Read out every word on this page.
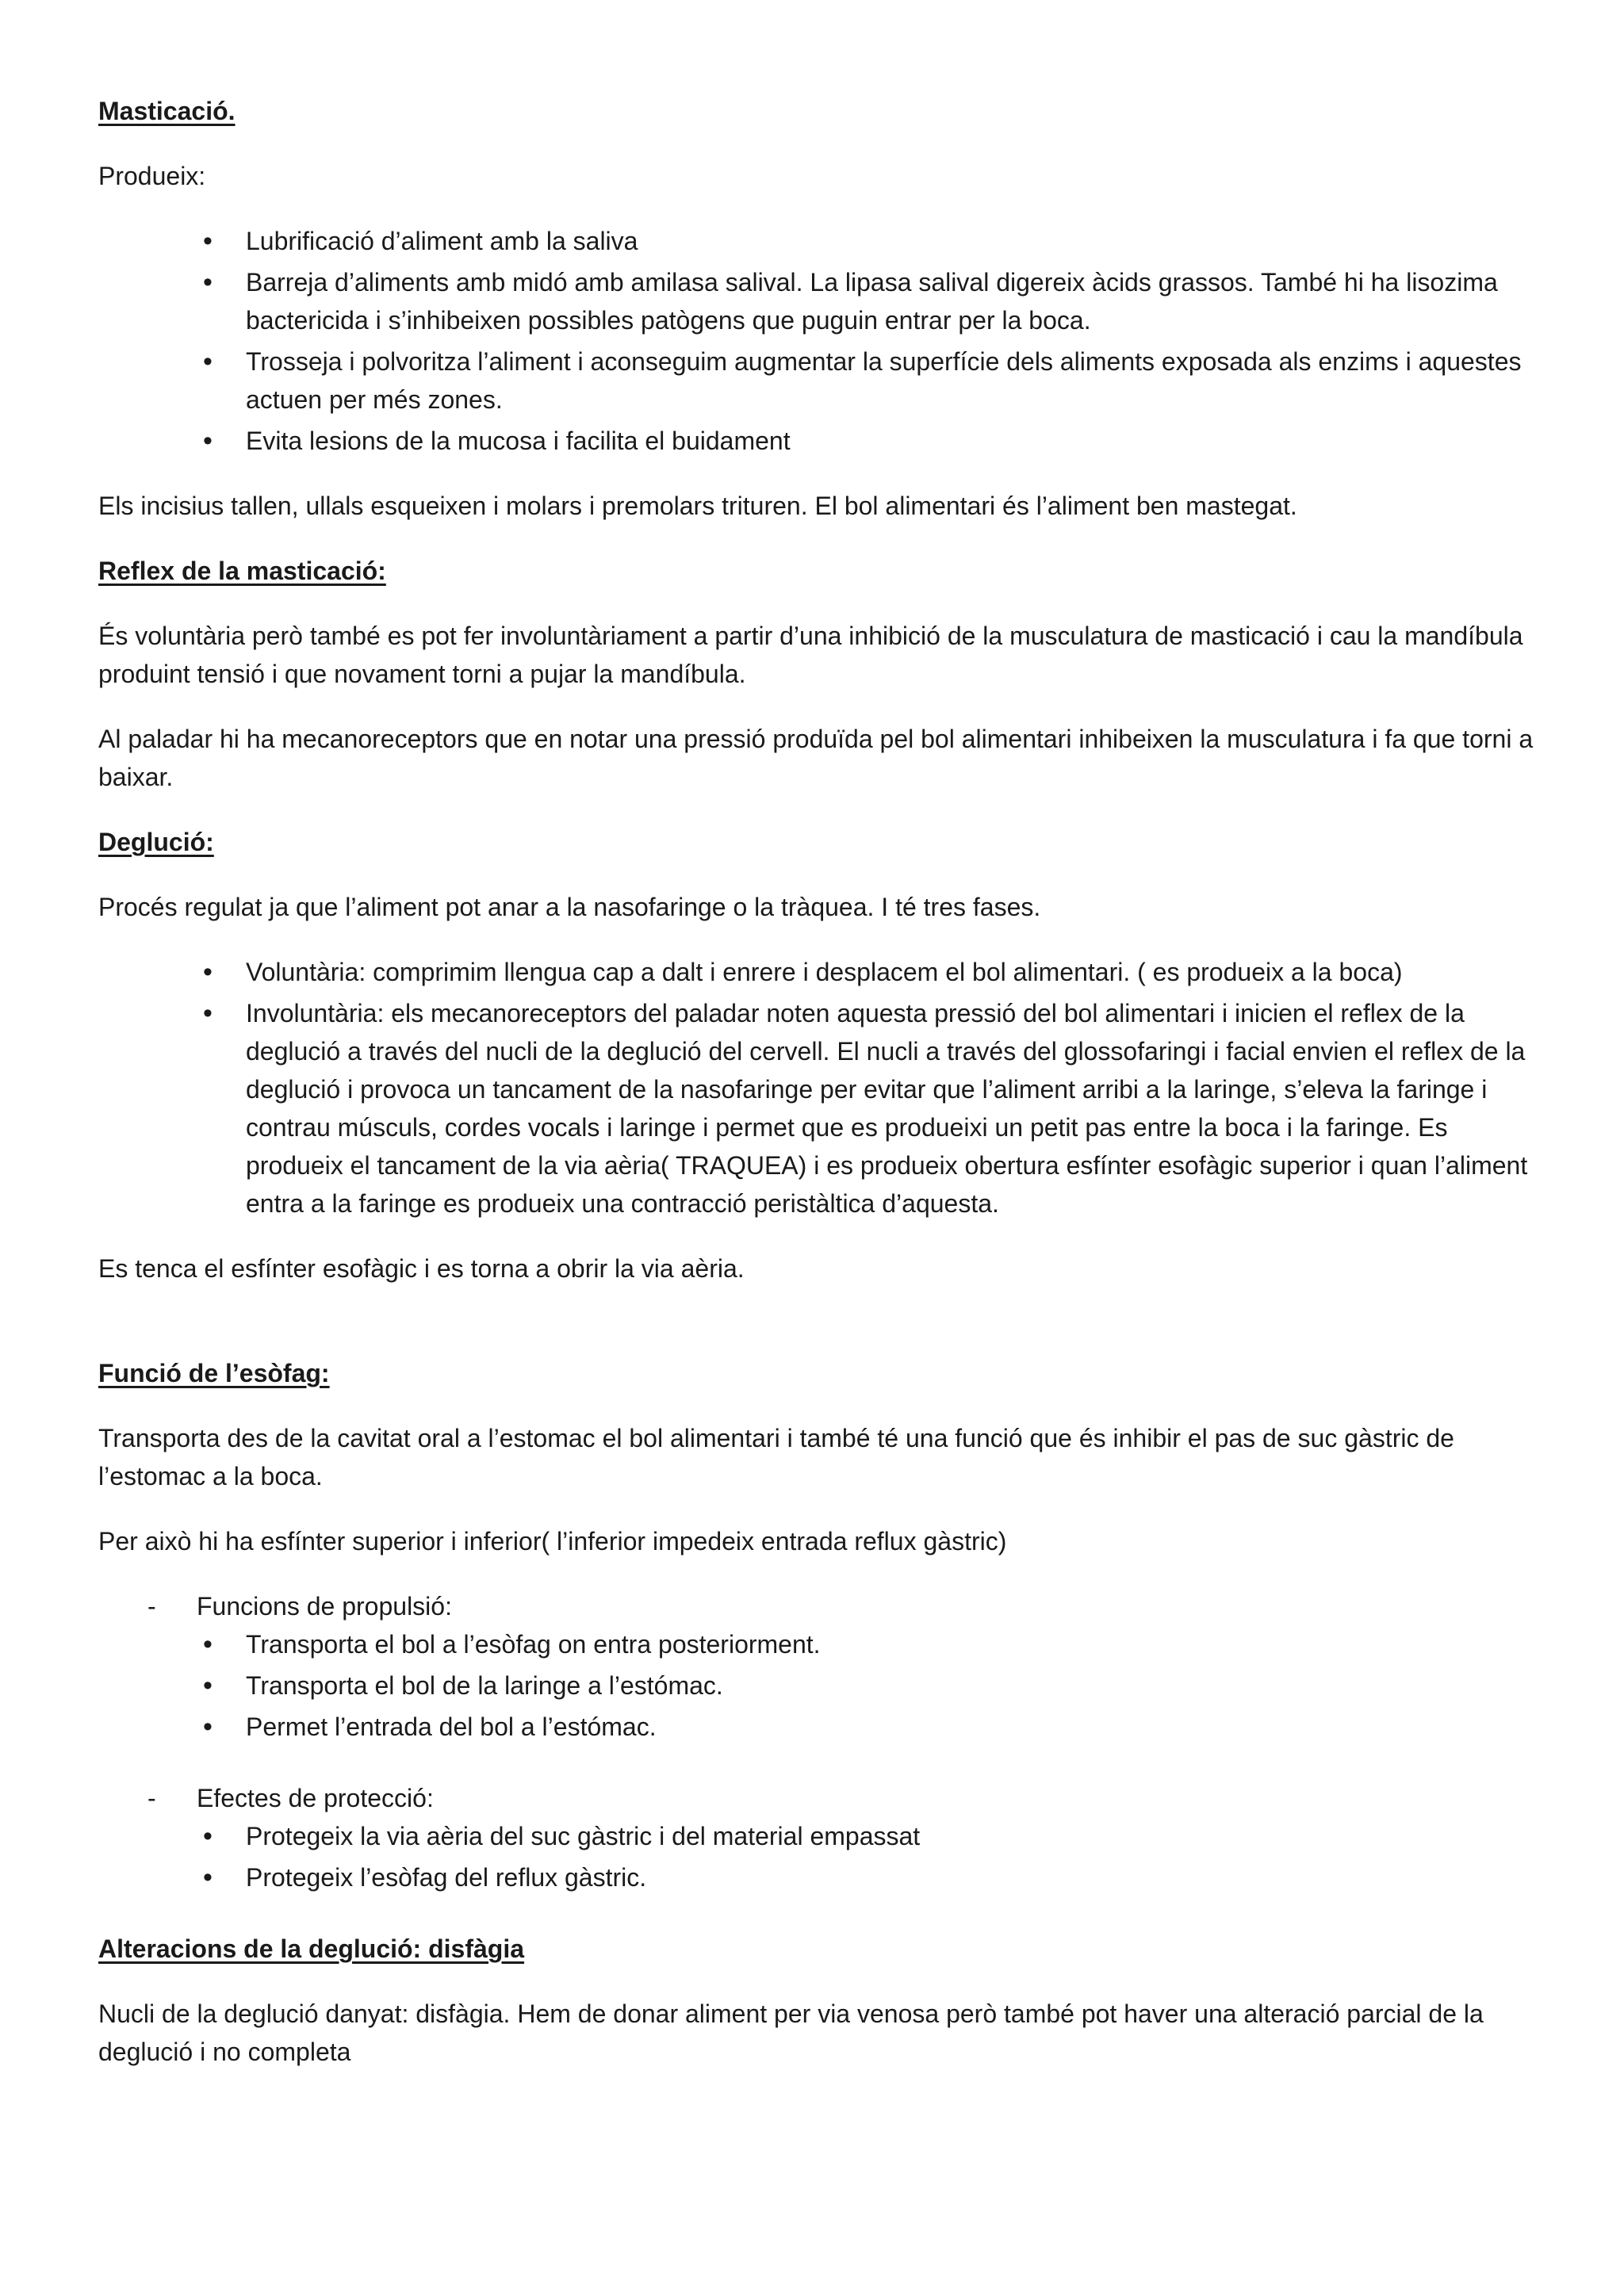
Masticació.

Produeix:

• Lubrificació d’aliment amb la saliva
• Barreja d’aliments amb midó amb amilasa salival. La lipasa salival digereix àcids grassos. També hi ha lisozima bactericida i s’inhibeixen possibles patògens que puguin entrar per la boca.
• Trosseja i polvoritza l’aliment i aconseguim augmentar la superfície dels aliments exposada als enzims i aquestes actuen per més zones.
• Evita lesions de la mucosa i facilita el buidament

Els incisius tallen, ullals esqueixen i molars i premolars trituren. El bol alimentari és l’aliment ben mastegat.

Reflex de la masticació:

És voluntària però també es pot fer involuntàriament a partir d’una inhibició de la musculatura de masticació i cau la mandíbula produint tensió i que novament torni a pujar la mandíbula.

Al paladar hi ha mecanoreceptors que en notar una pressió produïda pel bol alimentari inhibeixen la musculatura i fa que torni a baixar.

Deglució:

Procés regulat ja que l’aliment pot anar a la nasofaringe o la tràquea. I té tres fases.

• Voluntària: comprimim llengua cap a dalt i enrere i desplacem el bol alimentari. ( es produeix a la boca)
• Involuntària: els mecanoreceptors del paladar noten aquesta pressió del bol alimentari i inicien el reflex de la deglució a través del nucli de la deglució del cervell. El nucli a través del glossofaringi i facial envien el reflex de la deglució i provoca un tancament de la nasofaringe per evitar que l’aliment arribi a la laringe, s’eleva la faringe i contrau músculs, cordes vocals i laringe i permet que es produeixi un petit pas entre la boca i la faringe. Es produeix el tancament de la via aèria( TRAQUEA) i es produeix obertura esfínter esofàgic superior i quan l’aliment entra a la faringe es produeix una contracció peristàltica d’aquesta.

Es tenca el esfínter esofàgic i es torna a obrir la via aèria.

Funció de l’esòfag:

Transporta des de la cavitat oral a l’estomac el bol alimentari i també té una funció que és inhibir el pas de suc gàstric de l’estomac a la boca.

Per això hi ha esfínter superior i inferior( l’inferior impedeix entrada reflux gàstric)

- Funcions de propulsió:
• Transporta el bol a l’esòfag on entra posteriorment.
• Transporta el bol de la laringe a l’estómac.
• Permet l’entrada del bol a l’estómac.
- Efectes de protecció:
• Protegeix la via aèria del suc gàstric i del material empassat
• Protegeix l’esòfag del reflux gàstric.
Alteracions de la deglució: disfàgia

Nucli de la deglució danyat: disfàgia. Hem de donar aliment per via venosa però també pot haver una alteració parcial de la deglució i no completa
